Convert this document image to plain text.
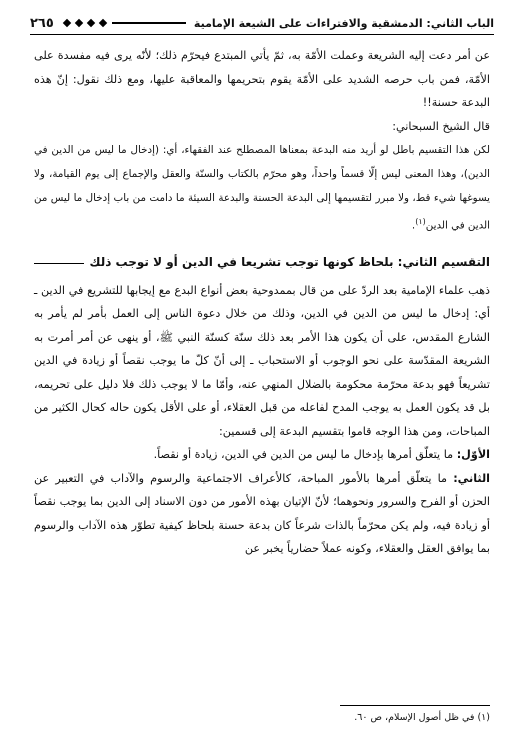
٢٦٥	الباب الثاني: الدمشقية والافتراءات على الشيعة الإمامية

عن أمر دعت إليه الشريعة وعملت الأمّة به، ثمّ يأتي المبتدع فيحرّم ذلك؛ لأنّه يرى فيه مفسدة على الأمّة، فمن باب حرصه الشديد على الأمّة يقوم بتحريمها والمعاقبة عليها، ومع ذلك نقول: إنّ هذه البدعة حسنة!!

قال الشيخ السبحاني:

لكن هذا التقسيم باطل لو أريد منه البدعة بمعناها المصطلح عند الفقهاء، أي: (إدخال ما ليس من الدين في الدين)، وهذا المعنى ليس إلّا قسماً واحداً، وهو محرّم بالكتاب والسنّة والعقل والإجماع إلى يوم القيامة، ولا يسوغها شيء قط، ولا مبرر لتقسيمها إلى البدعة الحسنة والبدعة السيئة ما دامت من باب إدخال ما ليس من الدين في الدين$^{(١)}$.

التقسيم الثاني: بلحاظ كونها توجب تشريعا في الدين أو لا توجب ذلك

ذهب علماء الإمامية بعد الردّ على من قال بممدوحية بعض أنواع البدع مع إيجابها للتشريع في الدين ـ أي: إدخال ما ليس من الدين في الدين، وذلك من خلال دعوة الناس إلى العمل بأمر لم يأمر به الشارع المقدس، على أن يكون هذا الأمر بعد ذلك سنّة كسنّة النبي ﷺ، أو ينهى عن أمر أمرت به الشريعة المقدّسة على نحو الوجوب أو الاستحباب ـ إلى أنّ كلّ ما يوجب نقصاً أو زيادة في الدين تشريعاً فهو بدعة محرّمة محكومة بالضلال المنهي عنه، وأمّا ما لا يوجب ذلك فلا دليل على تحريمه، بل قد يكون العمل به يوجب المدح لفاعله من قبل العقلاء، أو على الأقل يكون حاله كحال الكثير من المباحات، ومن هذا الوجه قاموا بتقسيم البدعة إلى قسمين:

الأوّل: ما يتعلّق أمرها بإدخال ما ليس من الدين في الدين، زيادة أو نقصاً.

الثاني: ما يتعلّق أمرها بالأمور المباحة، كالأعراف الاجتماعية والرسوم والآداب في التعبير عن الحزن أو الفرح والسرور ونحوهما؛ لأنّ الإتيان بهذه الأمور من دون الاسناد إلى الدين بما يوجب نقصاً أو زيادة فيه، ولم يكن محرّماً بالذات شرعاً كان بدعة حسنة بلحاظ كيفية تطوّر هذه الآداب والرسوم بما يوافق العقل والعقلاء، وكونه عملاً حضارياً يخبر عن

(١) في ظل أصول الإسلام، ص ٦٠.
